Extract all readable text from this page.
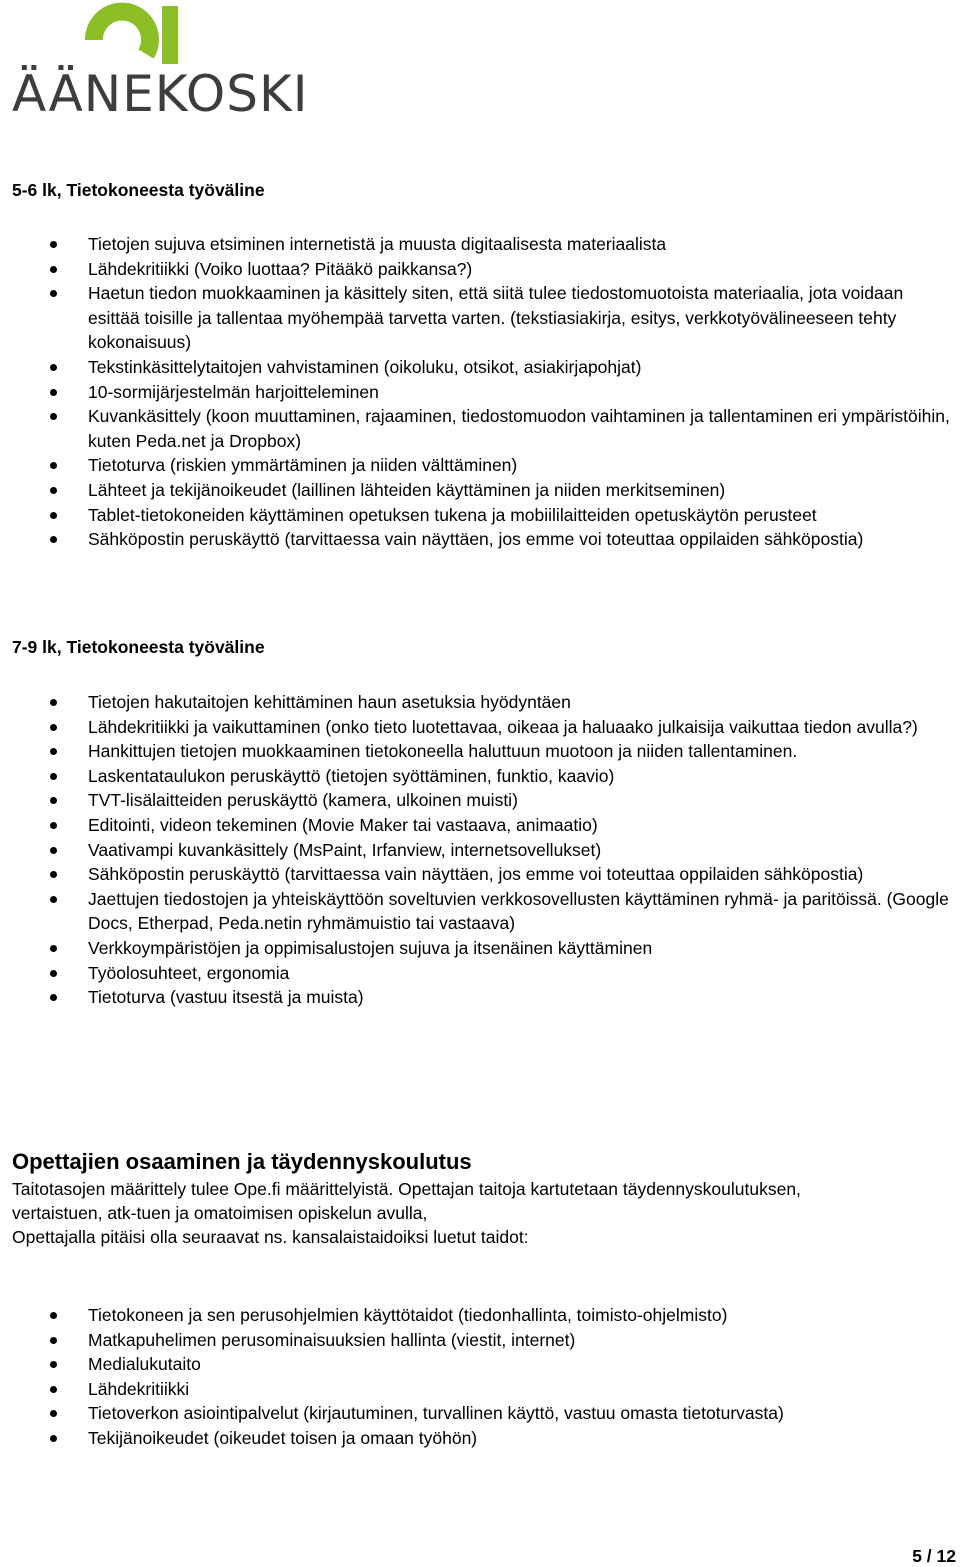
ÄÄNEKOSKI
5-6 lk, Tietokoneesta työväline
Tietojen sujuva etsiminen internetistä ja muusta digitaalisesta materiaalista
Lähdekritiikki (Voiko luottaa? Pitääkö paikkansa?)
Haetun tiedon muokkaaminen ja käsittely siten, että siitä tulee tiedostomuotoista materiaalia, jota voidaan esittää toisille ja tallentaa myöhempää tarvetta varten. (tekstiasiakirja, esitys, verkkotyövälineeseen tehty kokonaisuus)
Tekstinkäsittelytaitojen vahvistaminen (oikoluku, otsikot, asiakirjapohjat)
10-sormijärjestelmän harjoitteleminen
Kuvankäsittely (koon muuttaminen, rajaaminen, tiedostomuodon vaihtaminen ja tallentaminen eri ympäristöihin, kuten Peda.net ja Dropbox)
Tietoturva (riskien ymmärtäminen ja niiden välttäminen)
Lähteet ja tekijänoikeudet (laillinen lähteiden käyttäminen ja niiden merkitseminen)
Tablet-tietokoneiden käyttäminen opetuksen tukena ja mobiililaitteiden opetuskäytön perusteet
Sähköpostin peruskäyttö (tarvittaessa vain näyttäen, jos emme voi toteuttaa oppilaiden sähköpostia)
7-9 lk, Tietokoneesta työväline
Tietojen hakutaitojen kehittäminen haun asetuksia hyödyntäen
Lähdekritiikki ja vaikuttaminen (onko tieto luotettavaa, oikeaa ja haluaako julkaisija vaikuttaa tiedon avulla?)
Hankittujen tietojen muokkaaminen tietokoneella haluttuun muotoon ja niiden tallentaminen.
Laskentataulukon peruskäyttö (tietojen syöttäminen, funktio, kaavio)
TVT-lisälaitteiden peruskäyttö (kamera, ulkoinen muisti)
Editointi, videon tekeminen (Movie Maker tai vastaava, animaatio)
Vaativampi kuvankäsittely (MsPaint, Irfanview, internetsovellukset)
Sähköpostin peruskäyttö (tarvittaessa vain näyttäen, jos emme voi toteuttaa oppilaiden sähköpostia)
Jaettujen tiedostojen ja yhteiskäyttöön soveltuvien verkkosovellusten käyttäminen ryhmä- ja paritöissä. (Google Docs, Etherpad, Peda.netin ryhmämuistio tai vastaava)
Verkkoympäristöjen ja oppimisalustojen sujuva ja itsenäinen käyttäminen
Työolosuhteet, ergonomia
Tietoturva (vastuu itsestä ja muista)
Opettajien osaaminen ja täydennyskoulutus
Taitotasojen määrittely tulee Ope.fi määrittelyistä. Opettajan taitoja kartutetaan täydennyskoulutuksen,
vertaistuen, atk-tuen ja omatoimisen opiskelun avulla,
Opettajalla pitäisi olla seuraavat ns. kansalaistaidoiksi luetut taidot:
Tietokoneen ja sen perusohjelmien käyttötaidot (tiedonhallinta, toimisto-ohjelmisto)
Matkapuhelimen perusominaisuuksien hallinta (viestit, internet)
Medialukutaito
Lähdekritiikki
Tietoverkon asiointipalvelut (kirjautuminen, turvallinen käyttö, vastuu omasta tietoturvasta)
Tekijänoikeudet (oikeudet toisen ja omaan työhön)
5 / 12
